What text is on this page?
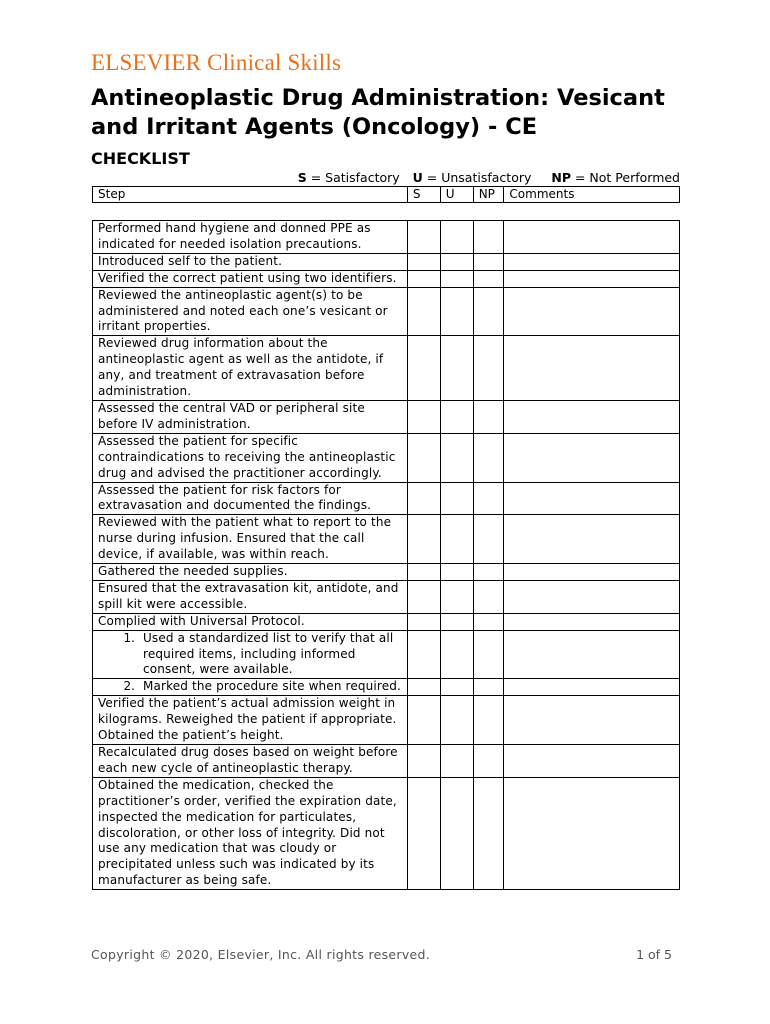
ELSEVIER Clinical Skills
Antineoplastic Drug Administration: Vesicant and Irritant Agents (Oncology) - CE
CHECKLIST
S = Satisfactory U = Unsatisfactory NP = Not Performed
Step	S	U	NP	Comments

Performed hand hygiene and donned PPE as indicated for needed isolation precautions.				
Introduced self to the patient.				
Verified the correct patient using two identifiers.				
Reviewed the antineoplastic agent(s) to be administered and noted each one’s vesicant or irritant properties.				
Reviewed drug information about the antineoplastic agent as well as the antidote, if any, and treatment of extravasation before administration.				
Assessed the central VAD or peripheral site before IV administration.				
Assessed the patient for specific contraindications to receiving the antineoplastic drug and advised the practitioner accordingly.				
Assessed the patient for risk factors for extravasation and documented the findings.				
Reviewed with the patient what to report to the nurse during infusion. Ensured that the call device, if available, was within reach.				
Gathered the needed supplies.				
Ensured that the extravasation kit, antidote, and spill kit were accessible.				
Complied with Universal Protocol.				

1. Used a standardized list to verify that all required items, including informed consent, were available.				

2. Marked the procedure site when required.				

Verified the patient’s actual admission weight in kilograms. Reweighed the patient if appropriate. Obtained the patient’s height.				
Recalculated drug doses based on weight before each new cycle of antineoplastic therapy.				
Obtained the medication, checked the practitioner’s order, verified the expiration date, inspected the medication for particulates, discoloration, or other loss of integrity. Did not use any medication that was cloudy or precipitated unless such was indicated by its manufacturer as being safe.				
Copyright © 2020, Elsevier, Inc. All rights reserved.	1 of 5
